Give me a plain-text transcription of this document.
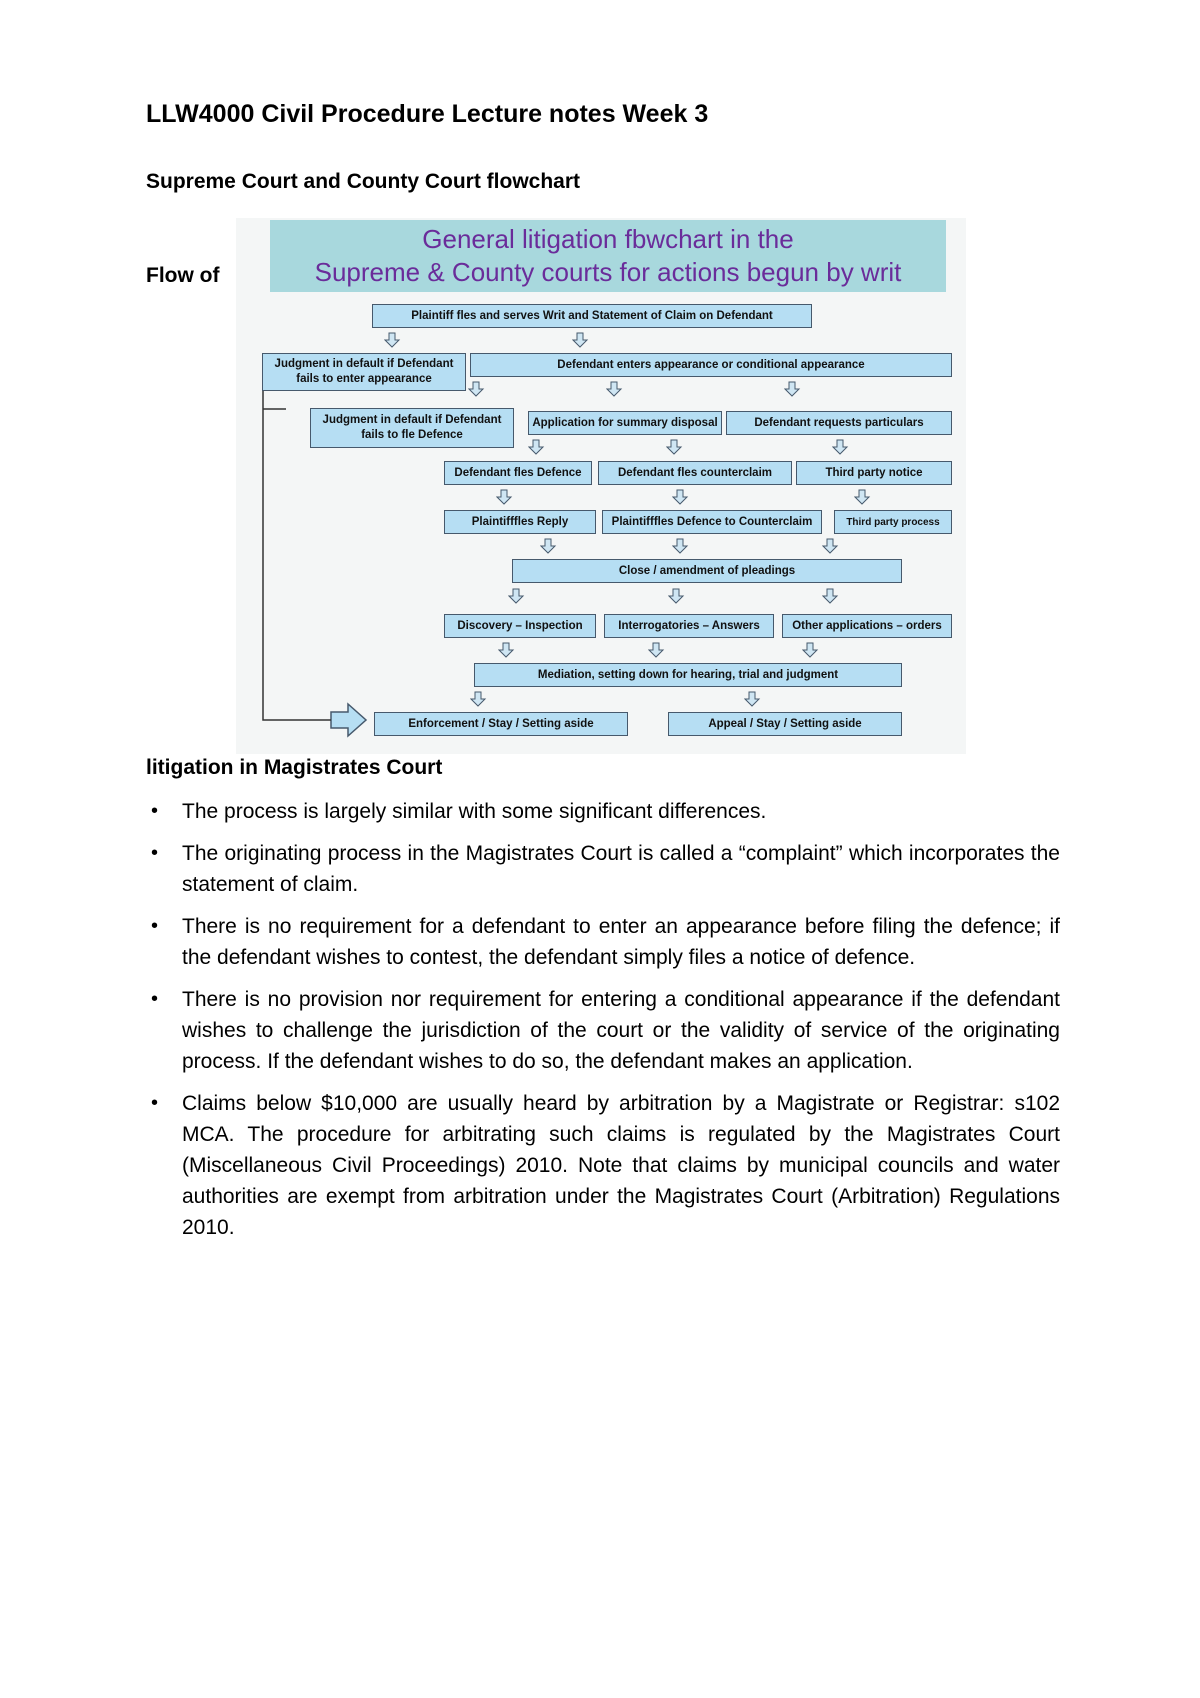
LLW4000 Civil Procedure Lecture notes Week 3
Supreme Court and County Court flowchart
Flow of
General litigation fbwchart in the
Supreme & County courts for actions begun by writ
Plaintiff fles and serves Writ and Statement of Claim on Defendant
Judgment in default if Defendant fails to enter appearance
Defendant enters appearance or conditional appearance
Judgment in default if Defendant fails to fle Defence
Application for summary disposal	Defendant requests particulars
Defendant fles Defence	Defendant fles counterclaim	Third party notice
Plaintifffles Reply	Plaintifffles Defence to Counterclaim	Third party process
Close / amendment of pleadings
Discovery – Inspection	Interrogatories – Answers	Other applications – orders
Mediation, setting down for hearing, trial and judgment
Enforcement / Stay / Setting aside	Appeal / Stay / Setting aside
litigation in Magistrates Court
• The process is largely similar with some significant differences.
• The originating process in the Magistrates Court is called a “complaint” which incorporates the statement of claim.
• There is no requirement for a defendant to enter an appearance before filing the defence; if the defendant wishes to contest, the defendant simply files a notice of defence.
• There is no provision nor requirement for entering a conditional appearance if the defendant wishes to challenge the jurisdiction of the court or the validity of service of the originating process. If the defendant wishes to do so, the defendant makes an application.
• Claims below $10,000 are usually heard by arbitration by a Magistrate or Registrar: s102 MCA. The procedure for arbitrating such claims is regulated by the Magistrates Court (Miscellaneous Civil Proceedings) 2010. Note that claims by municipal councils and water authorities are exempt from arbitration under the Magistrates Court (Arbitration) Regulations 2010.
